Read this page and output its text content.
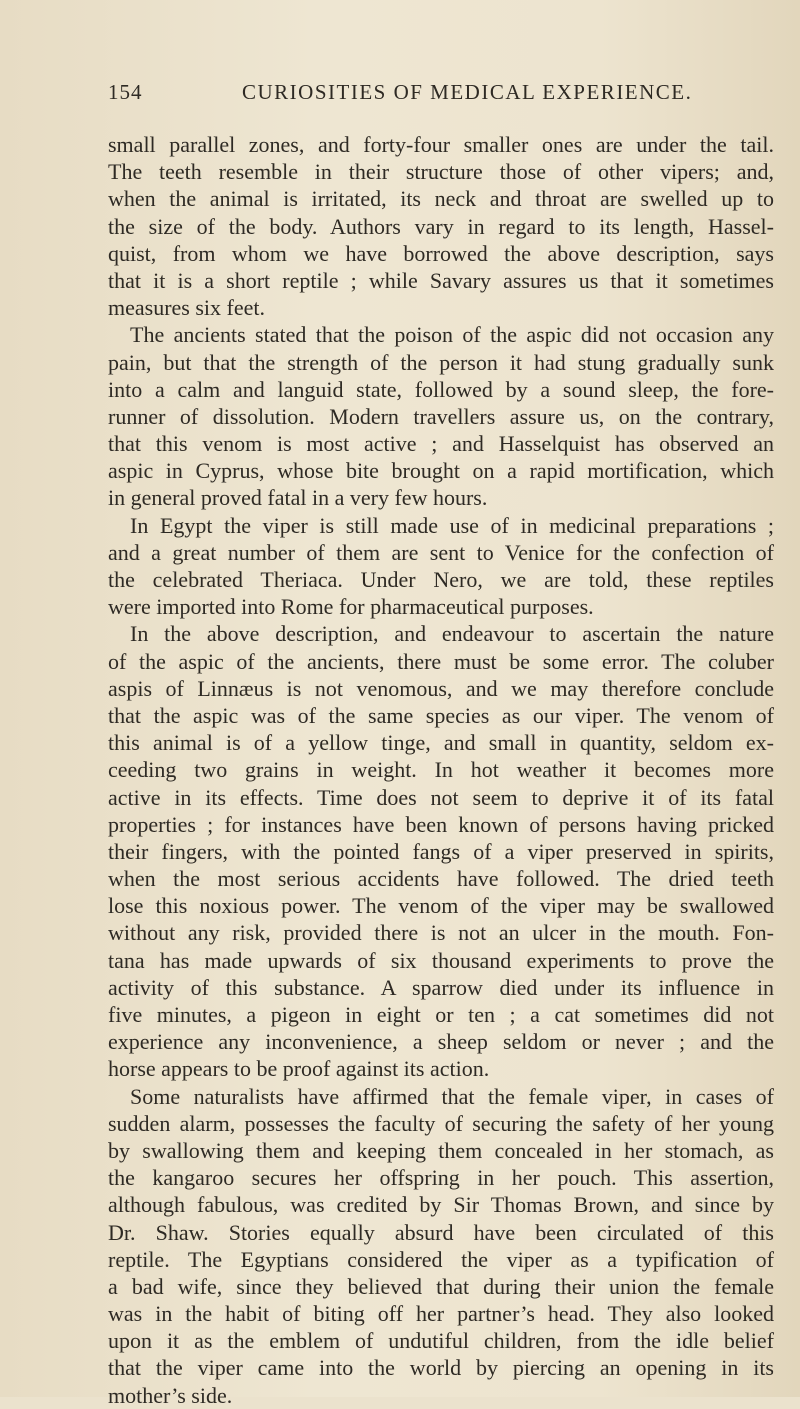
154	CURIOSITIES OF MEDICAL EXPERIENCE.
small parallel zones, and forty-four smaller ones are under the tail.
The teeth resemble in their structure those of other vipers; and,
when the animal is irritated, its neck and throat are swelled up to
the size of the body. Authors vary in regard to its length, Hassel-
quist, from whom we have borrowed the above description, says
that it is a short reptile ; while Savary assures us that it sometimes
measures six feet.
The ancients stated that the poison of the aspic did not occasion any
pain, but that the strength of the person it had stung gradually sunk
into a calm and languid state, followed by a sound sleep, the fore-
runner of dissolution. Modern travellers assure us, on the contrary,
that this venom is most active ; and Hasselquist has observed an
aspic in Cyprus, whose bite brought on a rapid mortification, which
in general proved fatal in a very few hours.
In Egypt the viper is still made use of in medicinal preparations ;
and a great number of them are sent to Venice for the confection of
the celebrated Theriaca. Under Nero, we are told, these reptiles
were imported into Rome for pharmaceutical purposes.
In the above description, and endeavour to ascertain the nature
of the aspic of the ancients, there must be some error. The coluber
aspis of Linnæus is not venomous, and we may therefore conclude
that the aspic was of the same species as our viper. The venom of
this animal is of a yellow tinge, and small in quantity, seldom ex-
ceeding two grains in weight. In hot weather it becomes more
active in its effects. Time does not seem to deprive it of its fatal
properties ; for instances have been known of persons having pricked
their fingers, with the pointed fangs of a viper preserved in spirits,
when the most serious accidents have followed. The dried teeth
lose this noxious power. The venom of the viper may be swallowed
without any risk, provided there is not an ulcer in the mouth. Fon-
tana has made upwards of six thousand experiments to prove the
activity of this substance. A sparrow died under its influence in
five minutes, a pigeon in eight or ten ; a cat sometimes did not
experience any inconvenience, a sheep seldom or never ; and the
horse appears to be proof against its action.
Some naturalists have affirmed that the female viper, in cases of
sudden alarm, possesses the faculty of securing the safety of her young
by swallowing them and keeping them concealed in her stomach, as
the kangaroo secures her offspring in her pouch. This assertion,
although fabulous, was credited by Sir Thomas Brown, and since by
Dr. Shaw. Stories equally absurd have been circulated of this
reptile. The Egyptians considered the viper as a typification of
a bad wife, since they believed that during their union the female
was in the habit of biting off her partner’s head. They also looked
upon it as the emblem of undutiful children, from the idle belief
that the viper came into the world by piercing an opening in its
mother’s side.
